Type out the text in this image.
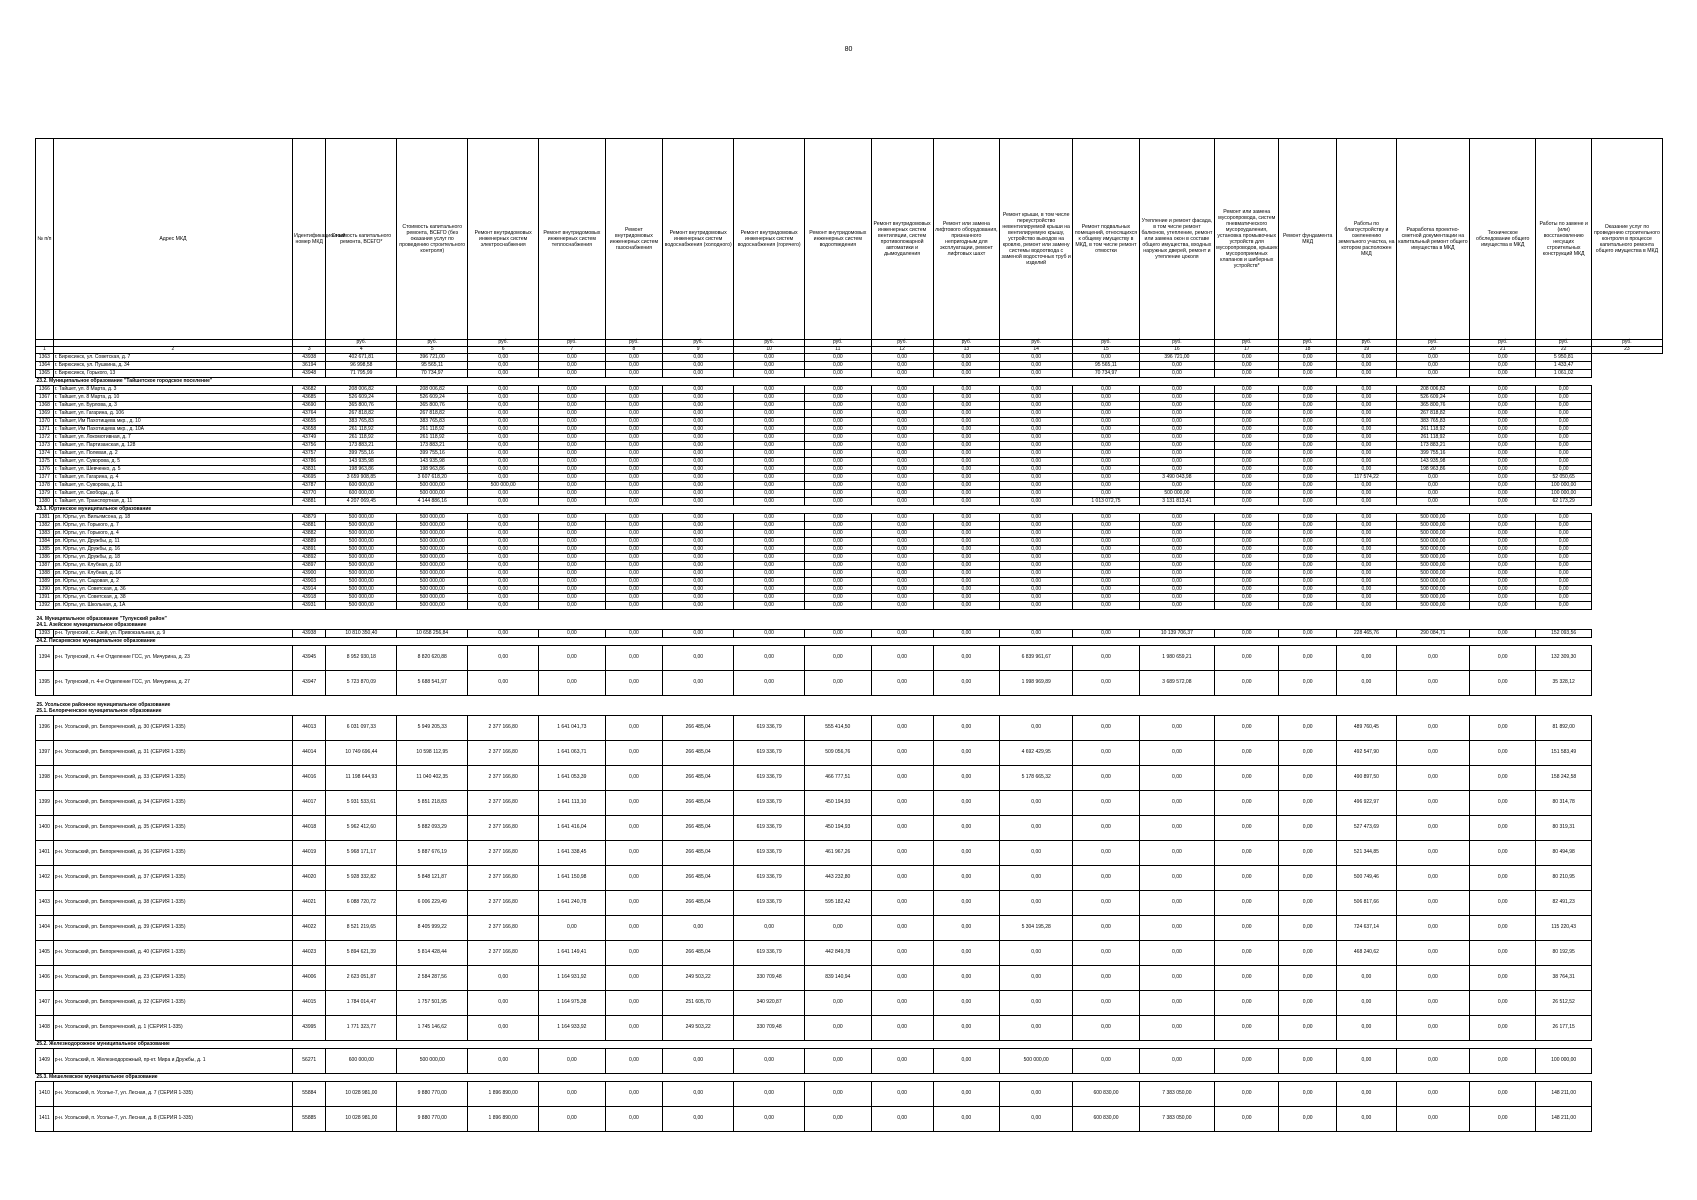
80
№ п/п	Адрес МКД	Идентификационный номер МКД	Стоимость капитального ремонта, ВСЕГО*	Стоимость капитального ремонта, ВСЕГО (без оказания услуг по проведению строительного контроля)	Ремонт внутридомовых инженерных систем электроснабжения	Ремонт внутридомовых инженерных систем теплоснабжения	Ремонт внутридомовых инженерных систем газоснабжения	Ремонт внутридомовых инженерных систем водоснабжения (холодного)	Ремонт внутридомовых инженерных систем водоснабжения (горячего)	Ремонт внутридомовых инженерных систем водоотведения	Ремонт внутридомовых инженерных систем вентиляции, систем противопожарной автоматики и дымоудаления	Ремонт или замена лифтового оборудования, признанного непригодным для эксплуатации, ремонт лифтовых шахт	Ремонт крыши, в том числе переустройство невентилируемой крыши на вентилируемую крышу, устройство выходов на кровлю, ремонт или замену системы водоотвода с заменой водосточных труб и изделий	Ремонт подвальных помещений, относящихся к общему имуществу в МКД, в том числе ремонт отмостки	Утепление и ремонт фасада, в том числе ремонт балконов, утепление, ремонт или замена окон в составе общего имущества, входных наружных дверей, ремонт и утепление цоколя	Ремонт или замена мусоропровода, систем пневматического мусороудаления, установка промывочных устройств для мусоропроводов, крышек мусороприемных клапанов и шиберных устройств*	Ремонт фундамента МКД	Работы по благоустройству и озеленению земельного участка, на котором расположен МКД	Разработка проектно-сметной документации на капитальный ремонт общего имущества в МКД	Техническое обследование общего имущества в МКД	Работы по замене и (или) восстановлению несущих строительных конструкций МКД	Оказание услуг по проведению строительного контроля в процессе капитального ремонта общего имущества в МКД
			руб.	руб.	руб.	руб.	руб.	руб.	руб.	руб.	руб.	руб.	руб.	руб.	руб.	руб.	руб.	руб.	руб.	руб.	руб.	руб.
1	2	3	4	5	6	7	8	9	10	11	12	13	14	15	16	17	18	19	20	21	22	23
1363	г. Бирюсинск, ул. Советская, д. 7	43938	402 671,81	396 721,00	0,00	0,00	0,00	0,00	0,00	0,00	0,00	0,00	0,00	0,00	396 721,00	0,00	0,00	0,00	0,00	0,00	5 950,81	
1364	г. Бирюсинск, ул. Пушкина, д. 34	36194	96 998,58	95 565,11	0,00	0,00	0,00	0,00	0,00	0,00	0,00	0,00	0,00	95 565,11	0,00	0,00	0,00	0,00	0,00	0,00	1 433,47	
1365	г. Бирюсинск, Горького, 13	43948	71 795,99	70 734,97	0,00	0,00	0,00	0,00	0,00	0,00	0,00	0,00	0,00	70 734,97	0,00	0,00	0,00	0,00	0,00	0,00	1 061,02	
23.2. Муниципальное образование "Тайшетское городское поселение"																						
1366	г. Тайшет, ул. 8 Марта, д. 3	43682	208 006,82	208 006,82	0,00	0,00	0,00	0,00	0,00	0,00	0,00	0,00	0,00	0,00	0,00	0,00	0,00	0,00	208 006,82	0,00	0,00	
1367	г. Тайшет, ул. 8 Марта, д. 10	43685	526 609,24	526 609,24	0,00	0,00	0,00	0,00	0,00	0,00	0,00	0,00	0,00	0,00	0,00	0,00	0,00	0,00	526 609,24	0,00	0,00	
1368	г. Тайшет, ул. Бурлова, д. 3	43690	365 800,76	365 800,76	0,00	0,00	0,00	0,00	0,00	0,00	0,00	0,00	0,00	0,00	0,00	0,00	0,00	0,00	365 800,76	0,00	0,00	
1369	г. Тайшет, ул. Гагарина, д. 106	43764	267 818,82	267 818,82	0,00	0,00	0,00	0,00	0,00	0,00	0,00	0,00	0,00	0,00	0,00	0,00	0,00	0,00	267 818,82	0,00	0,00	
1370	г. Тайшет, Им Пахотищева мкр., д. 10	43655	383 765,83	383 765,83	0,00	0,00	0,00	0,00	0,00	0,00	0,00	0,00	0,00	0,00	0,00	0,00	0,00	0,00	383 765,83	0,00	0,00	
1371	г. Тайшет, Им Пахотищева мкр., д. 10А	43658	261 118,92	261 118,92	0,00	0,00	0,00	0,00	0,00	0,00	0,00	0,00	0,00	0,00	0,00	0,00	0,00	0,00	261 118,92	0,00	0,00	
1372	г. Тайшет, ул. Локомотивная, д. 7	43749	261 118,92	261 118,92	0,00	0,00	0,00	0,00	0,00	0,00	0,00	0,00	0,00	0,00	0,00	0,00	0,00	0,00	261 118,92	0,00	0,00	
1373	г. Тайшет, ул. Партизанская, д. 128	43756	173 883,21	173 883,21	0,00	0,00	0,00	0,00	0,00	0,00	0,00	0,00	0,00	0,00	0,00	0,00	0,00	0,00	173 883,21	0,00	0,00	
1374	г. Тайшет, ул. Полевая, д. 2	43757	399 755,16	399 755,16	0,00	0,00	0,00	0,00	0,00	0,00	0,00	0,00	0,00	0,00	0,00	0,00	0,00	0,00	399 755,16	0,00	0,00	
1375	г. Тайшет, ул. Суворова, д. 5	43786	143 935,98	143 935,98	0,00	0,00	0,00	0,00	0,00	0,00	0,00	0,00	0,00	0,00	0,00	0,00	0,00	0,00	143 935,98	0,00	0,00	
1376	г. Тайшет, ул. Шевченко, д. 5	43831	198 963,86	198 963,86	0,00	0,00	0,00	0,00	0,00	0,00	0,00	0,00	0,00	0,00	0,00	0,00	0,00	0,00	198 963,86	0,00	0,00	
1377	г. Тайшет, ул. Гагарина, д. 4	43695	3 659 908,85	3 607 618,20	0,00	0,00	0,00	0,00	0,00	0,00	0,00	0,00	0,00	0,00	3 490 043,98	0,00	0,00	117 574,22	0,00	0,00	52 050,65	
1378	г. Тайшет, ул. Суворова, д. 11	43787	600 000,00	500 000,00	500 000,00	0,00	0,00	0,00	0,00	0,00	0,00	0,00	0,00	0,00	0,00	0,00	0,00	0,00	0,00	0,00	100 000,00	
1379	г. Тайшет, ул. Свободы, д. 6	43770	600 000,00	500 000,00	0,00	0,00	0,00	0,00	0,00	0,00	0,00	0,00	0,00	0,00	500 000,00	0,00	0,00	0,00	0,00	0,00	100 000,00	
1380	г. Тайшет, ул. Транспортная, д. 11	43881	4 207 069,45	4 144 886,16	0,00	0,00	0,00	0,00	0,00	0,00	0,00	0,00	0,00	1 013 072,75	3 131 813,41	0,00	0,00	0,00	0,00	0,00	62 173,29	
23.3. Юртинское муниципальное образование																						
1381	рп. Юрты, ул. Вильямсона, д. 18	43879	500 000,00	500 000,00	0,00	0,00	0,00	0,00	0,00	0,00	0,00	0,00	0,00	0,00	0,00	0,00	0,00	0,00	500 000,00	0,00	0,00	
1382	рп. Юрты, ул. Горького, д. 7	43881	500 000,00	500 000,00	0,00	0,00	0,00	0,00	0,00	0,00	0,00	0,00	0,00	0,00	0,00	0,00	0,00	0,00	500 000,00	0,00	0,00	
1383	рп. Юрты, ул. Горького, д. 4	43882	500 000,00	500 000,00	0,00	0,00	0,00	0,00	0,00	0,00	0,00	0,00	0,00	0,00	0,00	0,00	0,00	0,00	500 000,00	0,00	0,00	
1384	рп. Юрты, ул. Дружбы, д. 11	43889	500 000,00	500 000,00	0,00	0,00	0,00	0,00	0,00	0,00	0,00	0,00	0,00	0,00	0,00	0,00	0,00	0,00	500 000,00	0,00	0,00	
1385	рп. Юрты, ул. Дружбы, д. 16	43891	500 000,00	500 000,00	0,00	0,00	0,00	0,00	0,00	0,00	0,00	0,00	0,00	0,00	0,00	0,00	0,00	0,00	500 000,00	0,00	0,00	
1386	рп. Юрты, ул. Дружбы, д. 18	43892	500 000,00	500 000,00	0,00	0,00	0,00	0,00	0,00	0,00	0,00	0,00	0,00	0,00	0,00	0,00	0,00	0,00	500 000,00	0,00	0,00	
1387	рп. Юрты, ул. Клубная, д. 10	43897	500 000,00	500 000,00	0,00	0,00	0,00	0,00	0,00	0,00	0,00	0,00	0,00	0,00	0,00	0,00	0,00	0,00	500 000,00	0,00	0,00	
1388	рп. Юрты, ул. Клубная, д. 16	43900	500 000,00	500 000,00	0,00	0,00	0,00	0,00	0,00	0,00	0,00	0,00	0,00	0,00	0,00	0,00	0,00	0,00	500 000,00	0,00	0,00	
1389	рп. Юрты, ул. Садовая, д. 2	43903	500 000,00	500 000,00	0,00	0,00	0,00	0,00	0,00	0,00	0,00	0,00	0,00	0,00	0,00	0,00	0,00	0,00	500 000,00	0,00	0,00	
1390	рп. Юрты, ул. Советская, д. 36	43914	500 000,00	500 000,00	0,00	0,00	0,00	0,00	0,00	0,00	0,00	0,00	0,00	0,00	0,00	0,00	0,00	0,00	500 000,00	0,00	0,00	
1391	рп. Юрты, ул. Советская, д. 38	43918	500 000,00	500 000,00	0,00	0,00	0,00	0,00	0,00	0,00	0,00	0,00	0,00	0,00	0,00	0,00	0,00	0,00	500 000,00	0,00	0,00	
1392	рп. Юрты, ул. Школьная, д. 1А	43931	500 000,00	500 000,00	0,00	0,00	0,00	0,00	0,00	0,00	0,00	0,00	0,00	0,00	0,00	0,00	0,00	0,00	500 000,00	0,00	0,00	
24. Муниципальное образование "Тулунский район"																						
24.1. Азейское муниципальное образование																						
1393	р-н. Тулунский, с. Азей, ул. Привокзальная, д. 9	43938	10 810 350,40	10 658 256,84	0,00	0,00	0,00	0,00	0,00	0,00	0,00	0,00	0,00	0,00	10 139 706,37	0,00	0,00	228 465,76	290 084,71	0,00	152 093,56	
24.2. Писаревское муниципальное образование																						
1394	р-н. Тулунский, п. 4-е Отделение ГСС, ул. Мичурина, д. 23	43945	8 952 930,18	8 820 620,88	0,00	0,00	0,00	0,00	0,00	0,00	0,00	0,00	6 839 961,67	0,00	1 980 659,21	0,00	0,00	0,00	0,00	0,00	132 309,30	
1395	р-н. Тулунский, п. 4-е Отделение ГСС, ул. Мичурина, д. 27	43947	5 723 870,09	5 688 541,97	0,00	0,00	0,00	0,00	0,00	0,00	0,00	0,00	1 998 969,89	0,00	3 689 572,08	0,00	0,00	0,00	0,00	0,00	35 328,12	
25. Усольское районное муниципальное образование																						
25.1. Белореченское муниципальное образование																						
1396	р-н. Усольский, рп. Белореченский, д. 30 (СЕРИЯ 1-335)	44013	6 031 097,33	5 949 205,33	2 377 166,80	1 641 041,73	0,00	266 485,04	619 336,79	555 414,50	0,00	0,00	0,00	0,00	0,00	0,00	0,00	489 760,45	0,00	0,00	81 892,00	
1397	р-н. Усольский, рп. Белореченский, д. 31 (СЕРИЯ 1-335)	44014	10 749 696,44	10 598 112,95	2 377 166,80	1 641 063,71	0,00	266 485,04	619 336,79	509 056,76	0,00	0,00	4 692 429,95	0,00	0,00	0,00	0,00	492 547,90	0,00	0,00	151 583,49	
1398	р-н. Усольский, рп. Белореченский, д. 33 (СЕРИЯ 1-335)	44016	11 198 644,93	11 040 402,35	2 377 166,80	1 641 053,39	0,00	266 485,04	619 336,79	466 777,51	0,00	0,00	5 178 665,32	0,00	0,00	0,00	0,00	490 897,50	0,00	0,00	158 242,58	
1399	р-н. Усольский, рп. Белореченский, д. 34 (СЕРИЯ 1-335)	44017	5 931 533,61	5 851 218,83	2 377 166,80	1 641 113,10	0,00	266 485,04	619 336,79	450 194,93	0,00	0,00	0,00	0,00	0,00	0,00	0,00	496 922,97	0,00	0,00	80 314,78	
1400	р-н. Усольский, рп. Белореченский, д. 35 (СЕРИЯ 1-335)	44018	5 962 412,60	5 882 093,29	2 377 166,80	1 641 416,04	0,00	266 485,04	619 336,79	450 194,93	0,00	0,00	0,00	0,00	0,00	0,00	0,00	527 473,69	0,00	0,00	80 319,31	
1401	р-н. Усольский, рп. Белореченский, д. 36 (СЕРИЯ 1-335)	44019	5 968 171,17	5 887 676,19	2 377 166,80	1 641 338,45	0,00	266 485,04	619 336,79	461 967,26	0,00	0,00	0,00	0,00	0,00	0,00	0,00	521 344,85	0,00	0,00	80 494,98	
1402	р-н. Усольский, рп. Белореченский, д. 37 (СЕРИЯ 1-335)	44020	5 928 332,82	5 848 121,87	2 377 166,80	1 641 150,98	0,00	266 485,04	619 336,79	443 232,80	0,00	0,00	0,00	0,00	0,00	0,00	0,00	500 749,46	0,00	0,00	80 210,95	
1403	р-н. Усольский, рп. Белореченский, д. 38 (СЕРИЯ 1-335)	44021	6 088 720,72	6 006 229,49	2 377 166,80	1 641 240,78	0,00	266 485,04	619 336,79	595 182,42	0,00	0,00	0,00	0,00	0,00	0,00	0,00	506 817,66	0,00	0,00	82 491,23	
1404	р-н. Усольский, рп. Белореченский, д. 39 (СЕРИЯ 1-335)	44022	8 521 219,65	8 405 999,22	2 377 166,80	0,00	0,00	0,00	0,00	0,00	0,00	0,00	5 304 195,28	0,00	0,00	0,00	0,00	724 637,14	0,00	0,00	115 220,43	
1405	р-н. Усольский, рп. Белореченский, д. 40 (СЕРИЯ 1-335)	44023	5 894 621,39	5 814 428,44	2 377 166,80	1 641 149,41	0,00	266 485,04	619 336,79	442 849,78	0,00	0,00	0,00	0,00	0,00	0,00	0,00	468 240,62	0,00	0,00	80 192,95	
1406	р-н. Усольский, рп. Белореченский, д. 23 (СЕРИЯ 1-335)	44006	2 623 051,87	2 584 287,56	0,00	1 164 931,92	0,00	249 503,22	330 709,48	839 140,94	0,00	0,00	0,00	0,00	0,00	0,00	0,00	0,00	0,00	0,00	38 764,31	
1407	р-н. Усольский, рп. Белореченский, д. 32 (СЕРИЯ 1-335)	44015	1 784 014,47	1 757 501,95	0,00	1 164 975,38	0,00	251 605,70	340 920,87	0,00	0,00	0,00	0,00	0,00	0,00	0,00	0,00	0,00	0,00	0,00	26 512,52	
1408	р-н. Усольский, рп. Белореченский, д. 1 (СЕРИЯ 1-335)	43995	1 771 323,77	1 745 146,62	0,00	1 164 933,92	0,00	249 503,22	330 709,48	0,00	0,00	0,00	0,00	0,00	0,00	0,00	0,00	0,00	0,00	0,00	26 177,15	
25.2. Железнодорожное муниципальное образование																						
1409	р-н. Усольский, п. Железнодорожный, пр-кт. Мира и Дружбы, д. 1	56271	600 000,00	500 000,00	0,00	0,00	0,00	0,00	0,00	0,00	0,00	0,00	500 000,00	0,00	0,00	0,00	0,00	0,00	0,00	0,00	100 000,00	
25.3. Мишелевское муниципальное образование																						
1410	р-н. Усольский, п. Усолье-7, ул. Лесная, д. 7 (СЕРИЯ 1-335)	55884	10 028 981,00	9 880 770,00	1 896 890,00	0,00	0,00	0,00	0,00	0,00	0,00	0,00	0,00	600 830,00	7 383 050,00	0,00	0,00	0,00	0,00	0,00	148 211,00	
1411	р-н. Усольский, п. Усолье-7, ул. Лесная, д. 8 (СЕРИЯ 1-335)	55885	10 028 981,00	9 880 770,00	1 896 890,00	0,00	0,00	0,00	0,00	0,00	0,00	0,00	0,00	600 830,00	7 383 050,00	0,00	0,00	0,00	0,00	0,00	148 211,00	
